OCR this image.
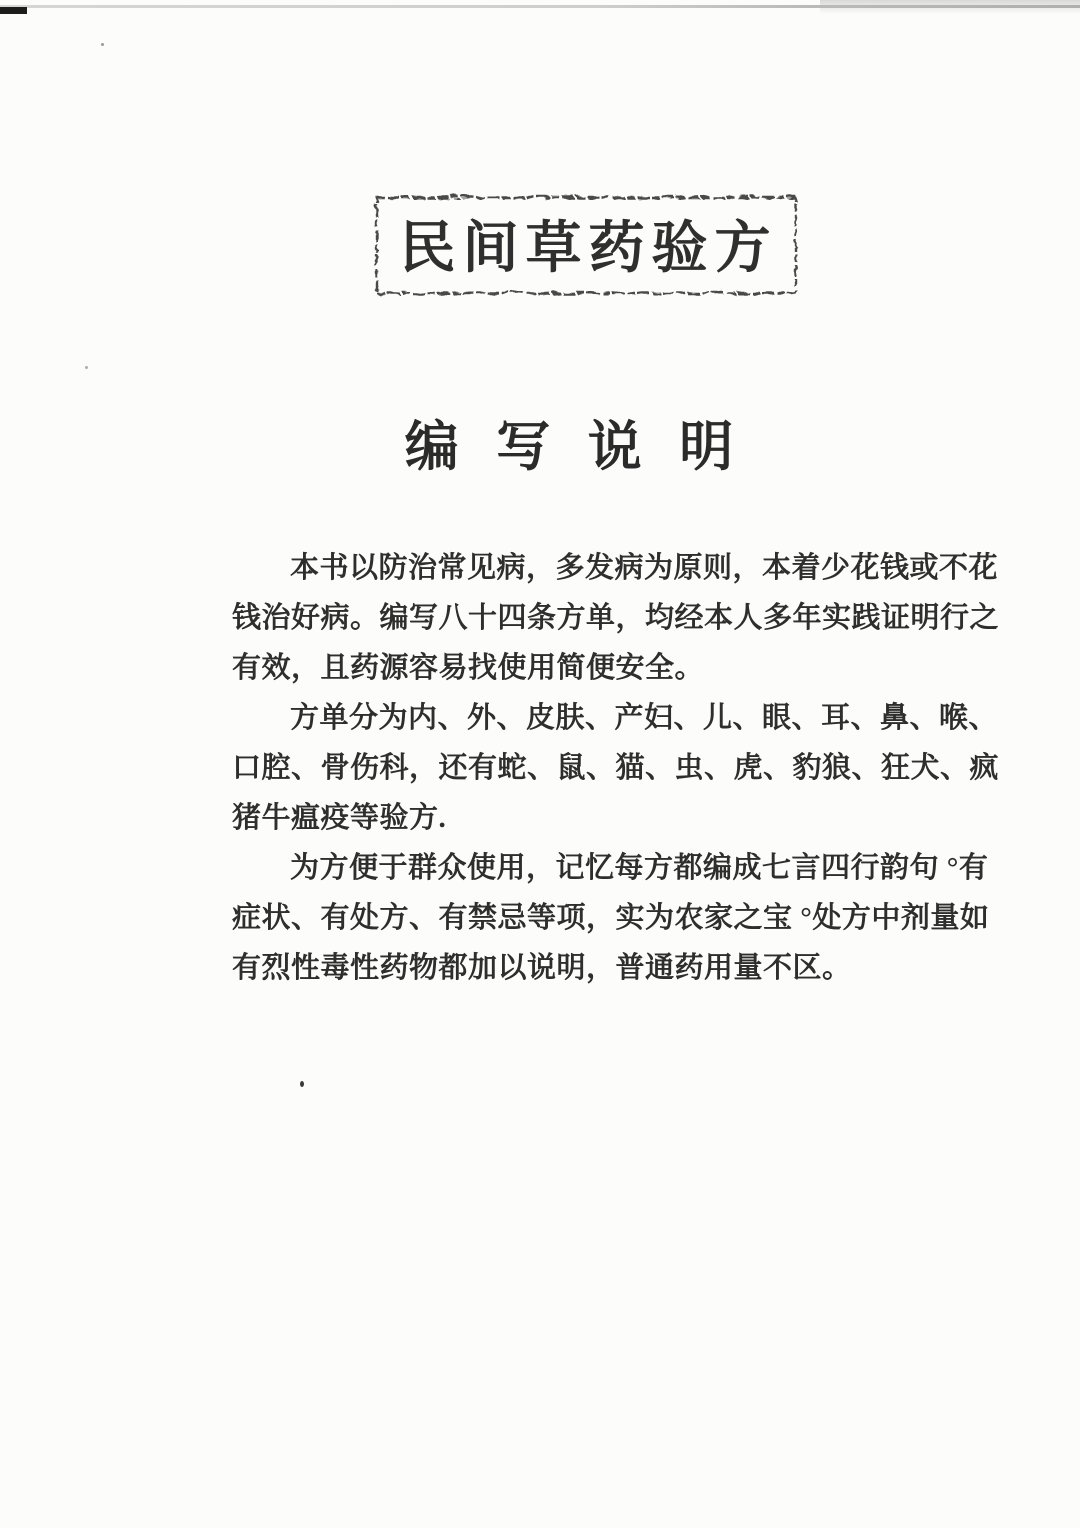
民间草药验方
编 写 说 明
本书以防治常见病，多发病为原则，本着少花钱或不花
钱治好病。编写八十四条方单，均经本人多年实践证明行之
有效，且药源容易找使用简便安全。
方单分为内、外、皮肤、产妇、儿、眼、耳、鼻、喉、
口腔、骨伤科，还有蛇、鼠、猫、虫、虎、豹狼、狂犬、疯
猪牛瘟疫等验方.
为方便于群众使用，记忆每方都编成七言四行韵句 °有
症状、有处方、有禁忌等项，实为农家之宝 °处方中剂量如
有烈性毒性药物都加以说明，普通药用量不区。
